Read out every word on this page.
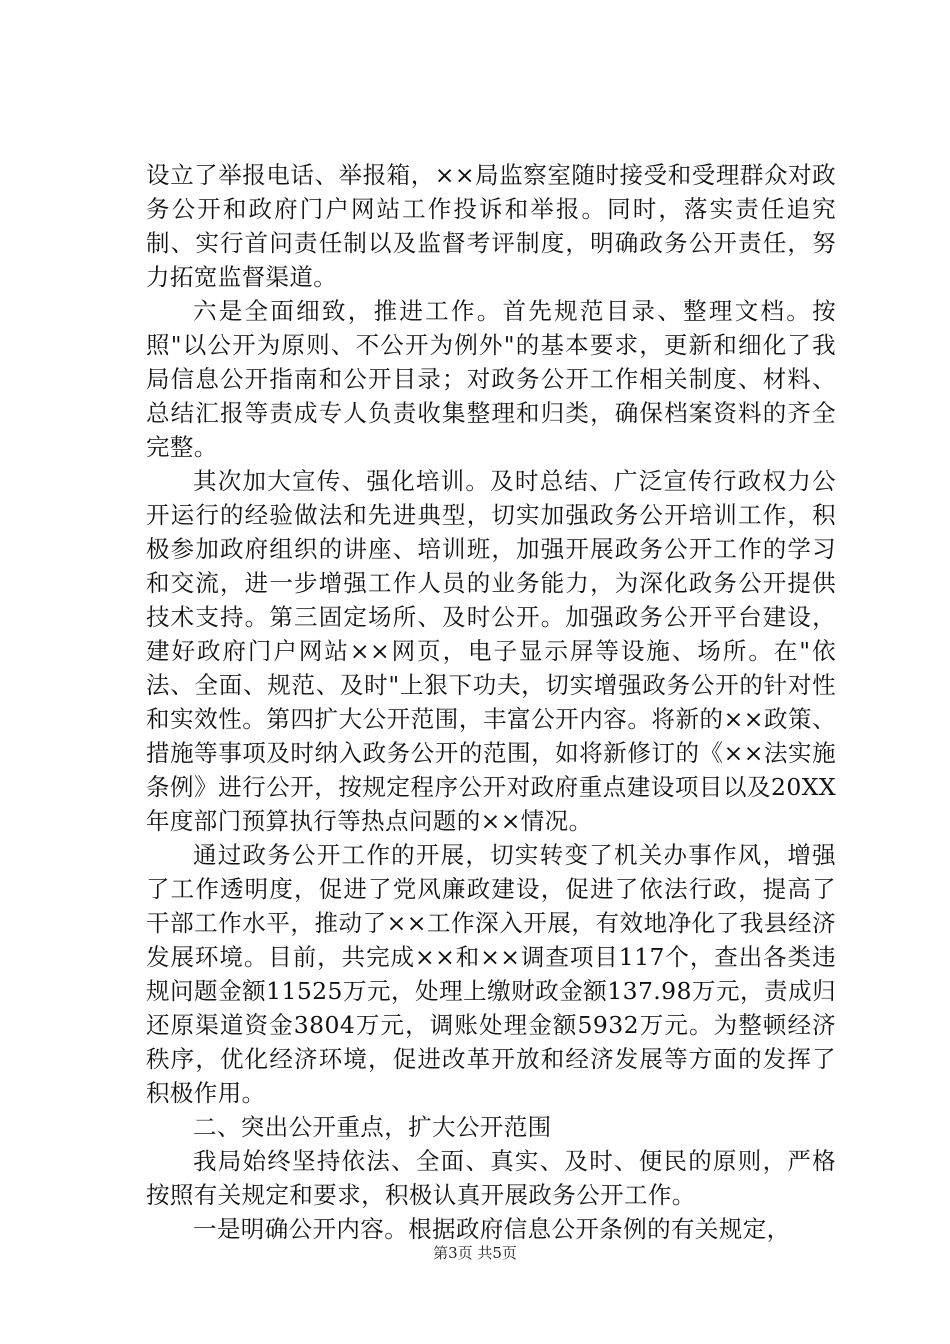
设立了举报电话、举报箱，××局监察室随时接受和受理群众对政务公开和政府门户网站工作投诉和举报。同时，落实责任追究制、实行首问责任制以及监督考评制度，明确政务公开责任，努力拓宽监督渠道。

六是全面细致，推进工作。首先规范目录、整理文档。按照"以公开为原则、不公开为例外"的基本要求，更新和细化了我局信息公开指南和公开目录；对政务公开工作相关制度、材料、总结汇报等责成专人负责收集整理和归类，确保档案资料的齐全完整。

其次加大宣传、强化培训。及时总结、广泛宣传行政权力公开运行的经验做法和先进典型，切实加强政务公开培训工作，积极参加政府组织的讲座、培训班，加强开展政务公开工作的学习和交流，进一步增强工作人员的业务能力，为深化政务公开提供技术支持。第三固定场所、及时公开。加强政务公开平台建设，建好政府门户网站××网页，电子显示屏等设施、场所。在"依法、全面、规范、及时"上狠下功夫，切实增强政务公开的针对性和实效性。第四扩大公开范围，丰富公开内容。将新的××政策、措施等事项及时纳入政务公开的范围，如将新修订的《××法实施条例》进行公开，按规定程序公开对政府重点建设项目以及20XX年度部门预算执行等热点问题的××情况。

通过政务公开工作的开展，切实转变了机关办事作风，增强了工作透明度，促进了党风廉政建设，促进了依法行政，提高了干部工作水平，推动了××工作深入开展，有效地净化了我县经济发展环境。目前，共完成××和××调查项目117个，查出各类违规问题金额11525万元，处理上缴财政金额137.98万元，责成归还原渠道资金3804万元，调账处理金额5932万元。为整顿经济秩序，优化经济环境，促进改革开放和经济发展等方面的发挥了积极作用。

二、突出公开重点，扩大公开范围

我局始终坚持依法、全面、真实、及时、便民的原则，严格按照有关规定和要求，积极认真开展政务公开工作。

一是明确公开内容。根据政府信息公开条例的有关规定，

第3页 共5页
